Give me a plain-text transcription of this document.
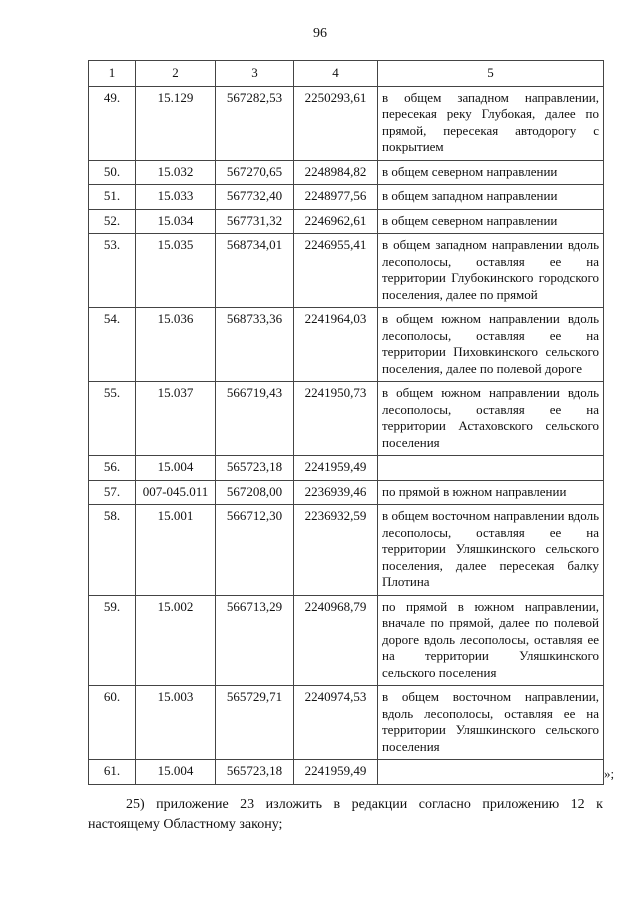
96
1	2	3	4	5
49.	15.129	567282,53	2250293,61	в общем западном направлении, пересекая реку Глубокая, далее по прямой, пересекая автодорогу с покрытием
50.	15.032	567270,65	2248984,82	в общем северном направлении
51.	15.033	567732,40	2248977,56	в общем западном направлении
52.	15.034	567731,32	2246962,61	в общем северном направлении
53.	15.035	568734,01	2246955,41	в общем западном направлении вдоль лесополосы, оставляя ее на территории Глубокинского городского поселения, далее по прямой
54.	15.036	568733,36	2241964,03	в общем южном направлении вдоль лесополосы, оставляя ее на территории Пиховкинского сельского поселения, далее по полевой дороге
55.	15.037	566719,43	2241950,73	в общем южном направлении вдоль лесополосы, оставляя ее на территории Астаховского сельского поселения
56.	15.004	565723,18	2241959,49	
57.	007-045.011	567208,00	2236939,46	по прямой в южном направлении
58.	15.001	566712,30	2236932,59	в общем восточном направлении вдоль лесополосы, оставляя ее на территории Уляшкинского сельского поселения, далее пересекая балку Плотина
59.	15.002	566713,29	2240968,79	по прямой в южном направлении, вначале по прямой, далее по полевой дороге вдоль лесополосы, оставляя ее на территории Уляшкинского сельского поселения
60.	15.003	565729,71	2240974,53	в общем восточном направлении, вдоль лесополосы, оставляя ее на территории Уляшкинского сельского поселения
61.	15.004	565723,18	2241959,49		»;
25) приложение 23 изложить в редакции согласно приложению 12 к настоящему Областному закону;
